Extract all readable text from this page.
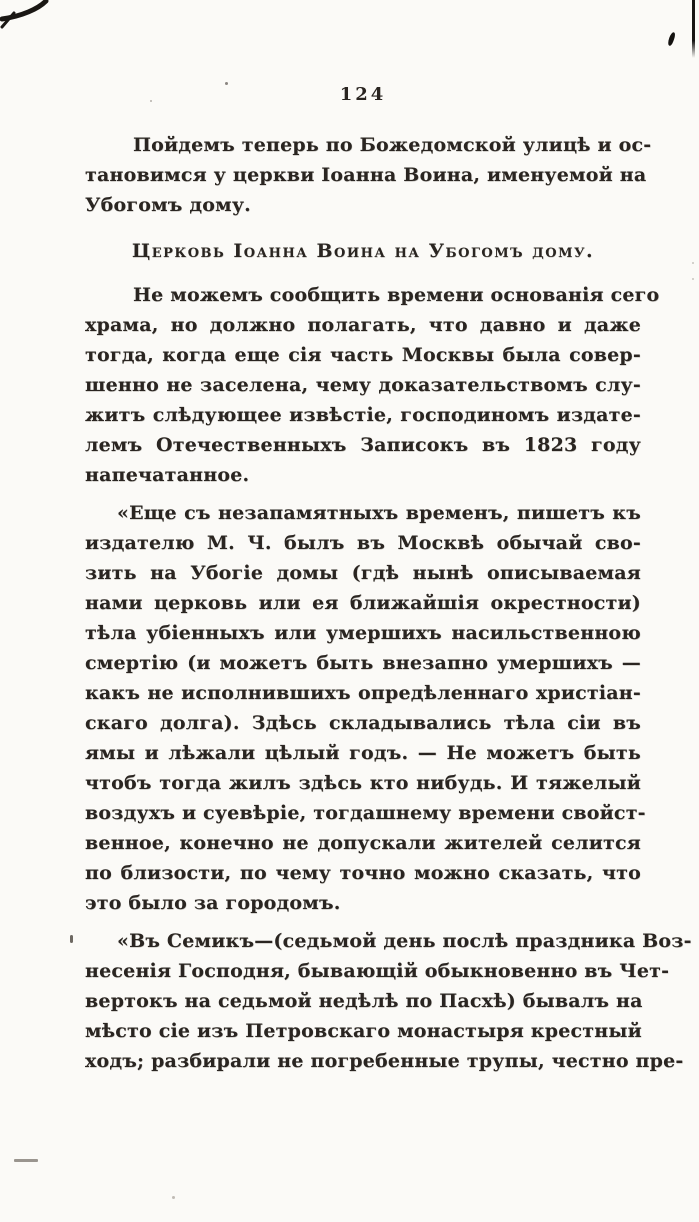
124
Пойдемъ теперь по Божедомской улицѣ и ос-
тановимся у церкви Іоанна Воина, именуемой на
Убогомъ дому.
Церковь Іоанна Воина на Убогомъ дому.
Не можемъ сообщить времени основанія сего
храма, но должно полагать, что давно и даже
тогда, когда еще сія часть Москвы была совер-
шенно не заселена, чему доказательствомъ слу-
житъ слѣдующее извѣстіе, господиномъ издате-
лемъ Отечественныхъ Записокъ въ 1823 году
напечатанное.
«Еще съ незапамятныхъ временъ, пишетъ къ
издателю М. Ч. былъ въ Москвѣ обычай сво-
зить на Убогіе домы (гдѣ нынѣ описываемая
нами церковь или ея ближайшія окрестности)
тѣла убіенныхъ или умершихъ насильственною
смертію (и можетъ быть внезапно умершихъ —
какъ не исполнившихъ опредѣленнаго христіан-
скаго долга). Здѣсь складывались тѣла сіи въ
ямы и лѣжали цѣлый годъ. — Не можетъ быть
чтобъ тогда жилъ здѣсь кто нибудь. И тяжелый
воздухъ и суевѣріе, тогдашнему времени свойст-
венное, конечно не допускали жителей селится
по близости, по чему точно можно сказать, что
это было за городомъ.
«Въ Семикъ—(седьмой день послѣ праздника Воз-
несенія Господня, бывающій обыкновенно въ Чет-
вертокъ на седьмой недѣлѣ по Пасхѣ) бывалъ на
мѣсто сіе изъ Петровскаго монастыря крестный
ходъ; разбирали не погребенные трупы, честно пре-
